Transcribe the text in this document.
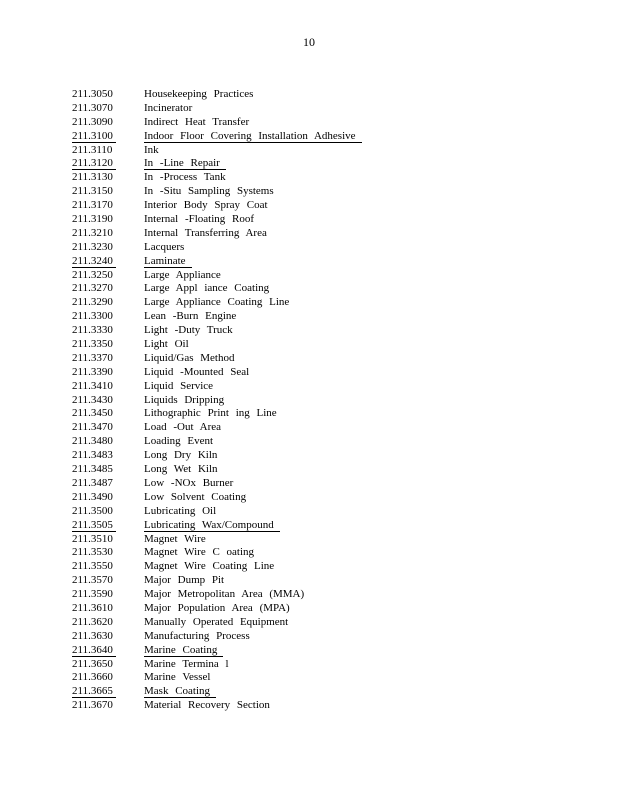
10
211.3050	Housekeeping Practices
211.3070	Incinerator
211.3090	Indirect Heat Transfer
211.3100	Indoor Floor Covering Installation Adhesive
211.3110	Ink
211.3120	In -Line Repair
211.3130	In -Process Tank
211.3150	In -Situ Sampling Systems
211.3170	Interior Body Spray Coat
211.3190	Internal -Floating Roof
211.3210	Internal Transferring Area
211.3230	Lacquers
211.3240	Laminate
211.3250	Large Appliance
211.3270	Large Appl iance Coating
211.3290	Large Appliance Coating Line
211.3300	Lean -Burn Engine
211.3330	Light -Duty Truck
211.3350	Light Oil
211.3370	Liquid/Gas Method
211.3390	Liquid -Mounted Seal
211.3410	Liquid Service
211.3430	Liquids Dripping
211.3450	Lithographic Print ing Line
211.3470	Load -Out Area
211.3480	Loading Event
211.3483	Long Dry Kiln
211.3485	Long Wet Kiln
211.3487	Low -NOx Burner
211.3490	Low Solvent Coating
211.3500	Lubricating Oil
211.3505	Lubricating Wax/Compound
211.3510	Magnet Wire
211.3530	Magnet Wire C oating
211.3550	Magnet Wire Coating Line
211.3570	Major Dump Pit
211.3590	Major Metropolitan Area (MMA)
211.3610	Major Population Area (MPA)
211.3620	Manually Operated Equipment
211.3630	Manufacturing Process
211.3640	Marine Coating
211.3650	Marine Termina l
211.3660	Marine Vessel
211.3665	Mask Coating
211.3670	Material Recovery Section
